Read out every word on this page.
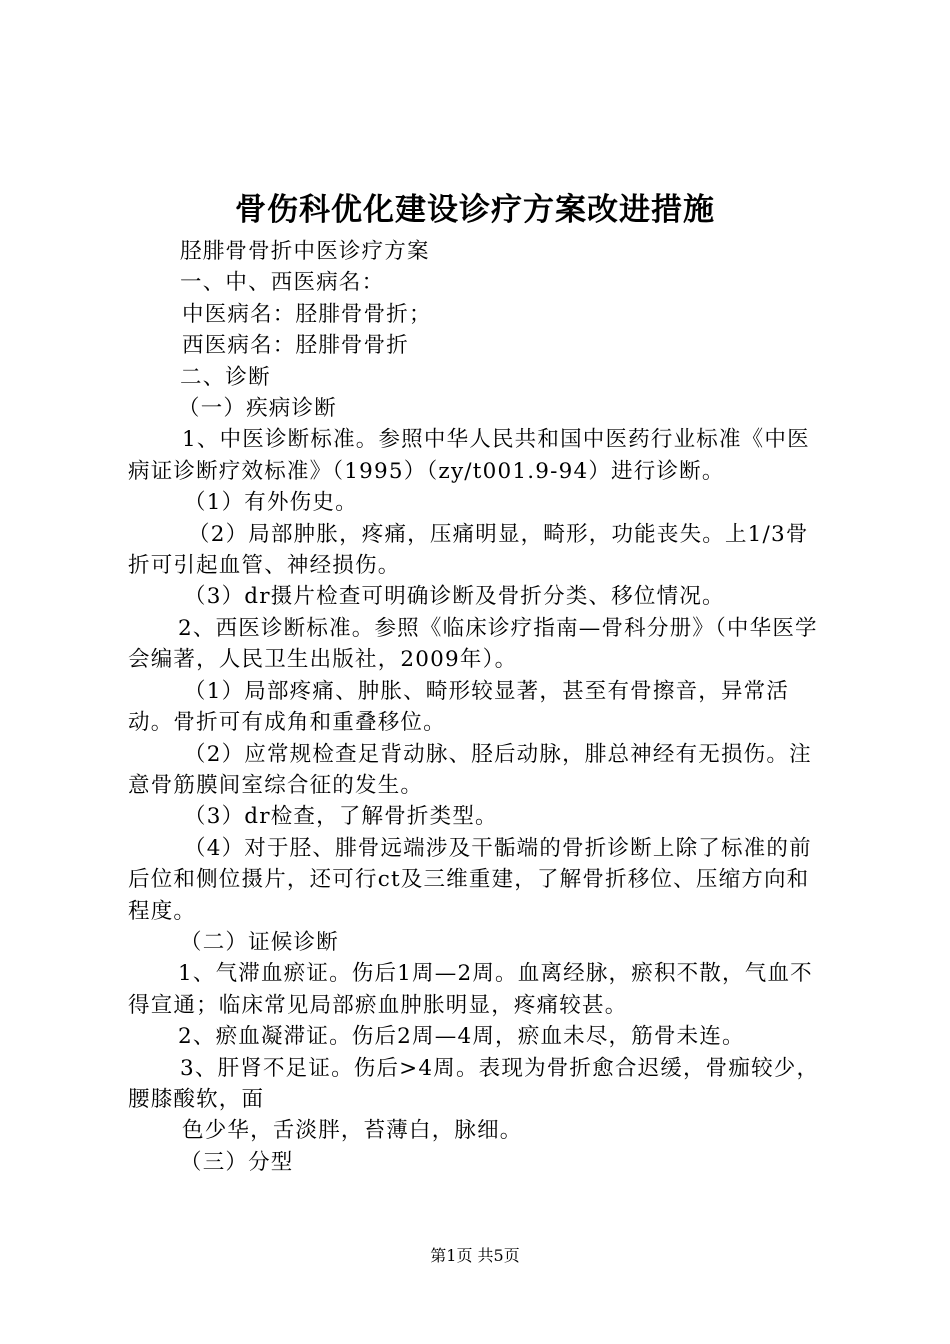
骨伤科优化建设诊疗方案改进措施

胫腓骨骨折中医诊疗方案

一、中、西医病名：

中医病名：胫腓骨骨折；

西医病名：胫腓骨骨折

二、诊断

（一）疾病诊断

1、中医诊断标准。参照中华人民共和国中医药行业标准《中医病证诊断疗效标准》（1995）（zy/t001.9-94）进行诊断。

（1）有外伤史。

（2）局部肿胀，疼痛，压痛明显，畸形，功能丧失。上1/3骨折可引起血管、神经损伤。

（3）dr摄片检查可明确诊断及骨折分类、移位情况。

2、西医诊断标准。参照《临床诊疗指南—骨科分册》（中华医学会编著，人民卫生出版社，2009年）。

（1）局部疼痛、肿胀、畸形较显著，甚至有骨擦音，异常活动。骨折可有成角和重叠移位。

（2）应常规检查足背动脉、胫后动脉，腓总神经有无损伤。注意骨筋膜间室综合征的发生。

（3）dr检查，了解骨折类型。

（4）对于胫、腓骨远端涉及干骺端的骨折诊断上除了标准的前后位和侧位摄片，还可行ct及三维重建，了解骨折移位、压缩方向和程度。

（二）证候诊断

1、气滞血瘀证。伤后1周—2周。血离经脉，瘀积不散，气血不得宣通；临床常见局部瘀血肿胀明显，疼痛较甚。

2、瘀血凝滞证。伤后2周—4周，瘀血未尽，筋骨未连。

3、肝肾不足证。伤后>4周。表现为骨折愈合迟缓，骨痂较少，腰膝酸软，面

色少华，舌淡胖，苔薄白，脉细。

（三）分型

第1页 共5页
